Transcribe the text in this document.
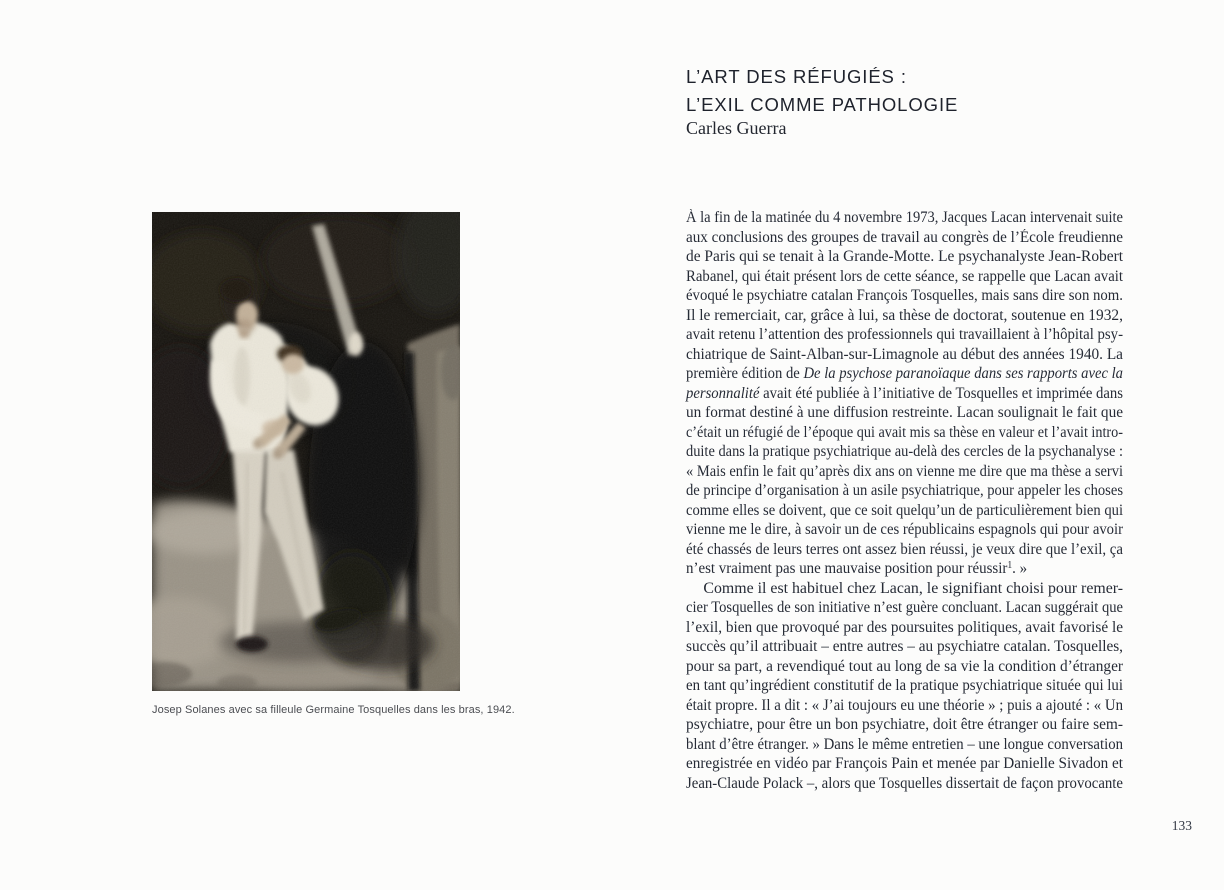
Josep Solanes avec sa filleule Germaine Tosquelles dans les bras, 1942.
L’ART DES RÉFUGIÉS :
L’EXIL COMME PATHOLOGIE
Carles Guerra
À la fin de la matinée du 4 novembre 1973, Jacques Lacan intervenait suite
aux conclusions des groupes de travail au congrès de l’École freudienne
de Paris qui se tenait à la Grande-Motte. Le psychanalyste Jean-Robert
Rabanel, qui était présent lors de cette séance, se rappelle que Lacan avait
évoqué le psychiatre catalan François Tosquelles, mais sans dire son nom.
Il le remerciait, car, grâce à lui, sa thèse de doctorat, soutenue en 1932,
avait retenu l’attention des professionnels qui travaillaient à l’hôpital psy-
chiatrique de Saint-Alban-sur-Limagnole au début des années 1940. La
première édition de De la psychose paranoïaque dans ses rapports avec la
personnalité avait été publiée à l’initiative de Tosquelles et imprimée dans
un format destiné à une diffusion restreinte. Lacan soulignait le fait que
c’était un réfugié de l’époque qui avait mis sa thèse en valeur et l’avait intro-
duite dans la pratique psychiatrique au-delà des cercles de la psychanalyse :
« Mais enfin le fait qu’après dix ans on vienne me dire que ma thèse a servi
de principe d’organisation à un asile psychiatrique, pour appeler les choses
comme elles se doivent, que ce soit quelqu’un de particulièrement bien qui
vienne me le dire, à savoir un de ces républicains espagnols qui pour avoir
été chassés de leurs terres ont assez bien réussi, je veux dire que l’exil, ça
n’est vraiment pas une mauvaise position pour réussir$^1$. »
Comme il est habituel chez Lacan, le signifiant choisi pour remer-
cier Tosquelles de son initiative n’est guère concluant. Lacan suggérait que
l’exil, bien que provoqué par des poursuites politiques, avait favorisé le
succès qu’il attribuait – entre autres – au psychiatre catalan. Tosquelles,
pour sa part, a revendiqué tout au long de sa vie la condition d’étranger
en tant qu’ingrédient constitutif de la pratique psychiatrique située qui lui
était propre. Il a dit : « J’ai toujours eu une théorie » ; puis a ajouté : « Un
psychiatre, pour être un bon psychiatre, doit être étranger ou faire sem-
blant d’être étranger. » Dans le même entretien – une longue conversation
enregistrée en vidéo par François Pain et menée par Danielle Sivadon et
Jean-Claude Polack –, alors que Tosquelles dissertait de façon provocante
133
